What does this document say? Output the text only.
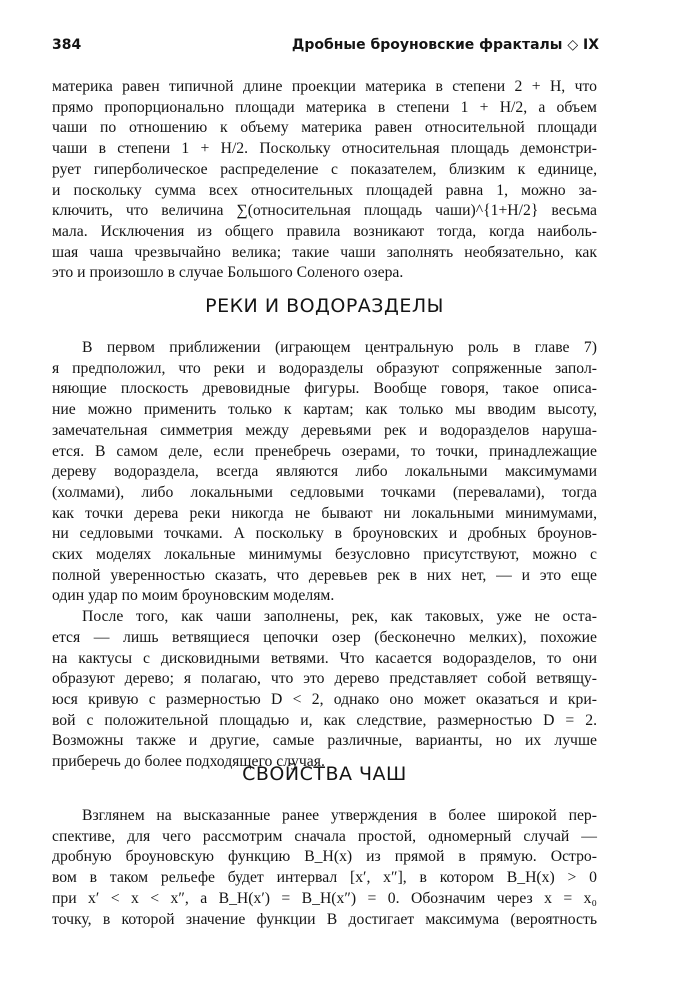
384	Дробные броуновские фракталы ◇ IX
материка равен типичной длине проекции материка в степени 2 + H, что
прямо пропорционально площади материка в степени 1 + H/2, а объем
чаши по отношению к объему материка равен относительной площади
чаши в степени 1 + H/2. Поскольку относительная площадь демонстри-
рует гиперболическое распределение с показателем, близким к единице,
и поскольку сумма всех относительных площадей равна 1, можно за-
ключить, что величина ∑(относительная площадь чаши)^{1+H/2} весьма
мала. Исключения из общего правила возникают тогда, когда наиболь-
шая чаша чрезвычайно велика; такие чаши заполнять необязательно, как
это и произошло в случае Большого Соленого озера.
РЕКИ И ВОДОРАЗДЕЛЫ
В первом приближении (играющем центральную роль в главе 7)
я предположил, что реки и водоразделы образуют сопряженные запол-
няющие плоскость древовидные фигуры. Вообще говоря, такое описа-
ние можно применить только к картам; как только мы вводим высоту,
замечательная симметрия между деревьями рек и водоразделов наруша-
ется. В самом деле, если пренебречь озерами, то точки, принадлежащие
дереву водораздела, всегда являются либо локальными максимумами
(холмами), либо локальными седловыми точками (перевалами), тогда
как точки дерева реки никогда не бывают ни локальными минимумами,
ни седловыми точками. А поскольку в броуновских и дробных броунов-
ских моделях локальные минимумы безусловно присутствуют, можно с
полной уверенностью сказать, что деревьев рек в них нет, — и это еще
один удар по моим броуновским моделям.
После того, как чаши заполнены, рек, как таковых, уже не оста-
ется — лишь ветвящиеся цепочки озер (бесконечно мелких), похожие
на кактусы с дисковидными ветвями. Что касается водоразделов, то они
образуют дерево; я полагаю, что это дерево представляет собой ветвящу-
юся кривую с размерностью D < 2, однако оно может оказаться и кри-
вой с положительной площадью и, как следствие, размерностью D = 2.
Возможны также и другие, самые различные, варианты, но их лучше
приберечь до более подходящего случая.
СВОЙСТВА ЧАШ
Взглянем на высказанные ранее утверждения в более широкой пер-
спективе, для чего рассмотрим сначала простой, одномерный случай —
дробную броуновскую функцию B_H(x) из прямой в прямую. Остро-
вом в таком рельефе будет интервал [x′, x″], в котором B_H(x) > 0
при x′ < x < x″, а B_H(x′) = B_H(x″) = 0. Обозначим через x = x₀
точку, в которой значение функции B достигает максимума (вероятность
